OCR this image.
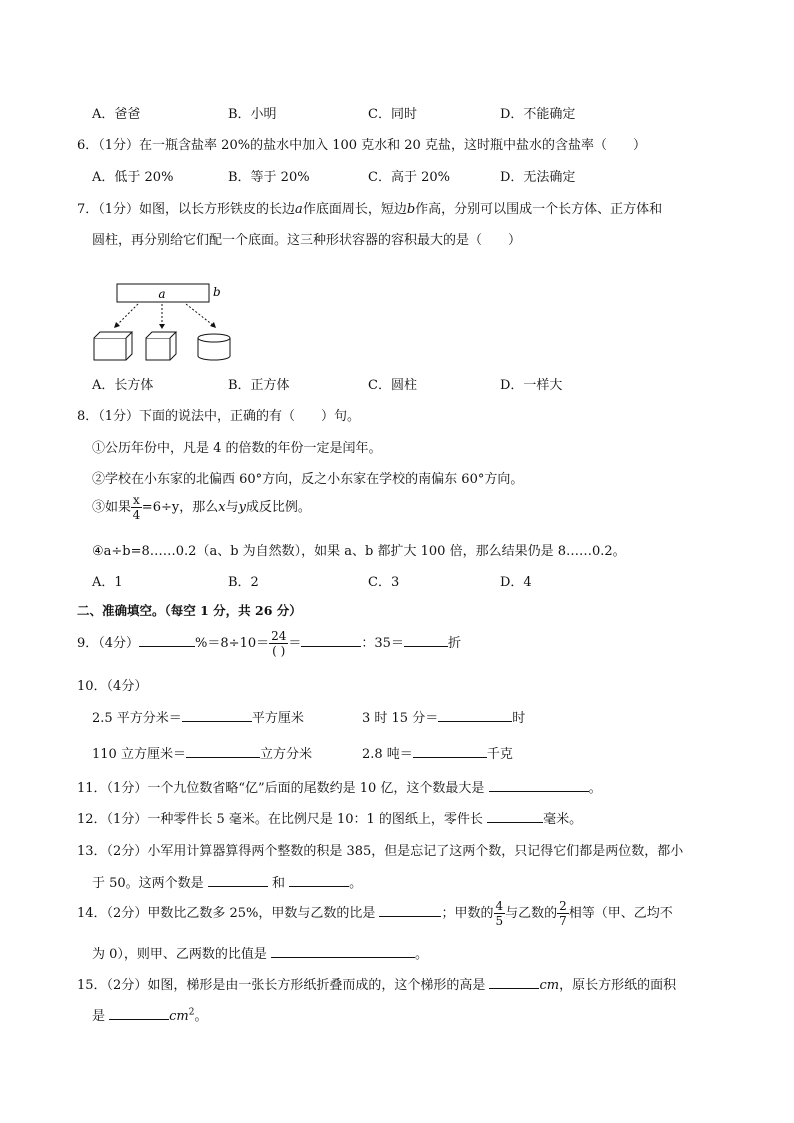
A．爸爸	B．小明	C．同时	D．不能确定
6．（1分）在一瓶含盐率 20%的盐水中加入 100 克水和 20 克盐，这时瓶中盐水的含盐率（　　）
A．低于 20%	B．等于 20%	C．高于 20%	D．无法确定
7．（1分）如图，以长方形铁皮的长边a作底面周长，短边b作高，分别可以围成一个长方体、正方体和
圆柱，再分别给它们配一个底面。这三种形状容器的容积最大的是（　　）
a	b
A．长方体	B．正方体	C．圆柱	D．一样大
8．（1分）下面的说法中，正确的有（　　）句。
①公历年份中，凡是 4 的倍数的年份一定是闰年。
②学校在小东家的北偏西 60°方向，反之小东家在学校的南偏东 60°方向。
③如果 $\frac{x}{4} =6\div y$，那么x与y成反比例。
④a÷b=8……0.2（a、b 为自然数），如果 a、b 都扩大 100 倍，那么结果仍是 8……0.2。
A．1	B．2	C．3	D．4
二、准确填空。（每空 1 分，共 26 分）
9．（4分）	$\%=8\div 10= \frac{24}{( )}$ ＝	：35＝	折
10．（4分）
2.5 平方分米＝	平方厘米	3 时 15 分＝	时
110 立方厘米＝	立方分米	2.8 吨＝	千克
11．（1分）一个九位数省略“亿”后面的尾数约是 10 亿，这个数最大是	。
12．（1分）一种零件长 5 毫米。在比例尺是 10：1 的图纸上，零件长	毫米。
13．（2分）小军用计算器算得两个整数的积是 385，但是忘记了这两个数，只记得它们都是两位数，都小
于 50。这两个数是	和	。
14．（2分）甲数比乙数多 25%，甲数与乙数的比是	；甲数的 $\frac{4}{5}$ 与乙数的 $\frac{2}{7}$ 相等（甲、乙均不
为 0），则甲、乙两数的比值是	。
15．（2分）如图，梯形是由一张长方形纸折叠而成的，这个梯形的高是	cm，原长方形纸的面积
是	$cm^2$。
